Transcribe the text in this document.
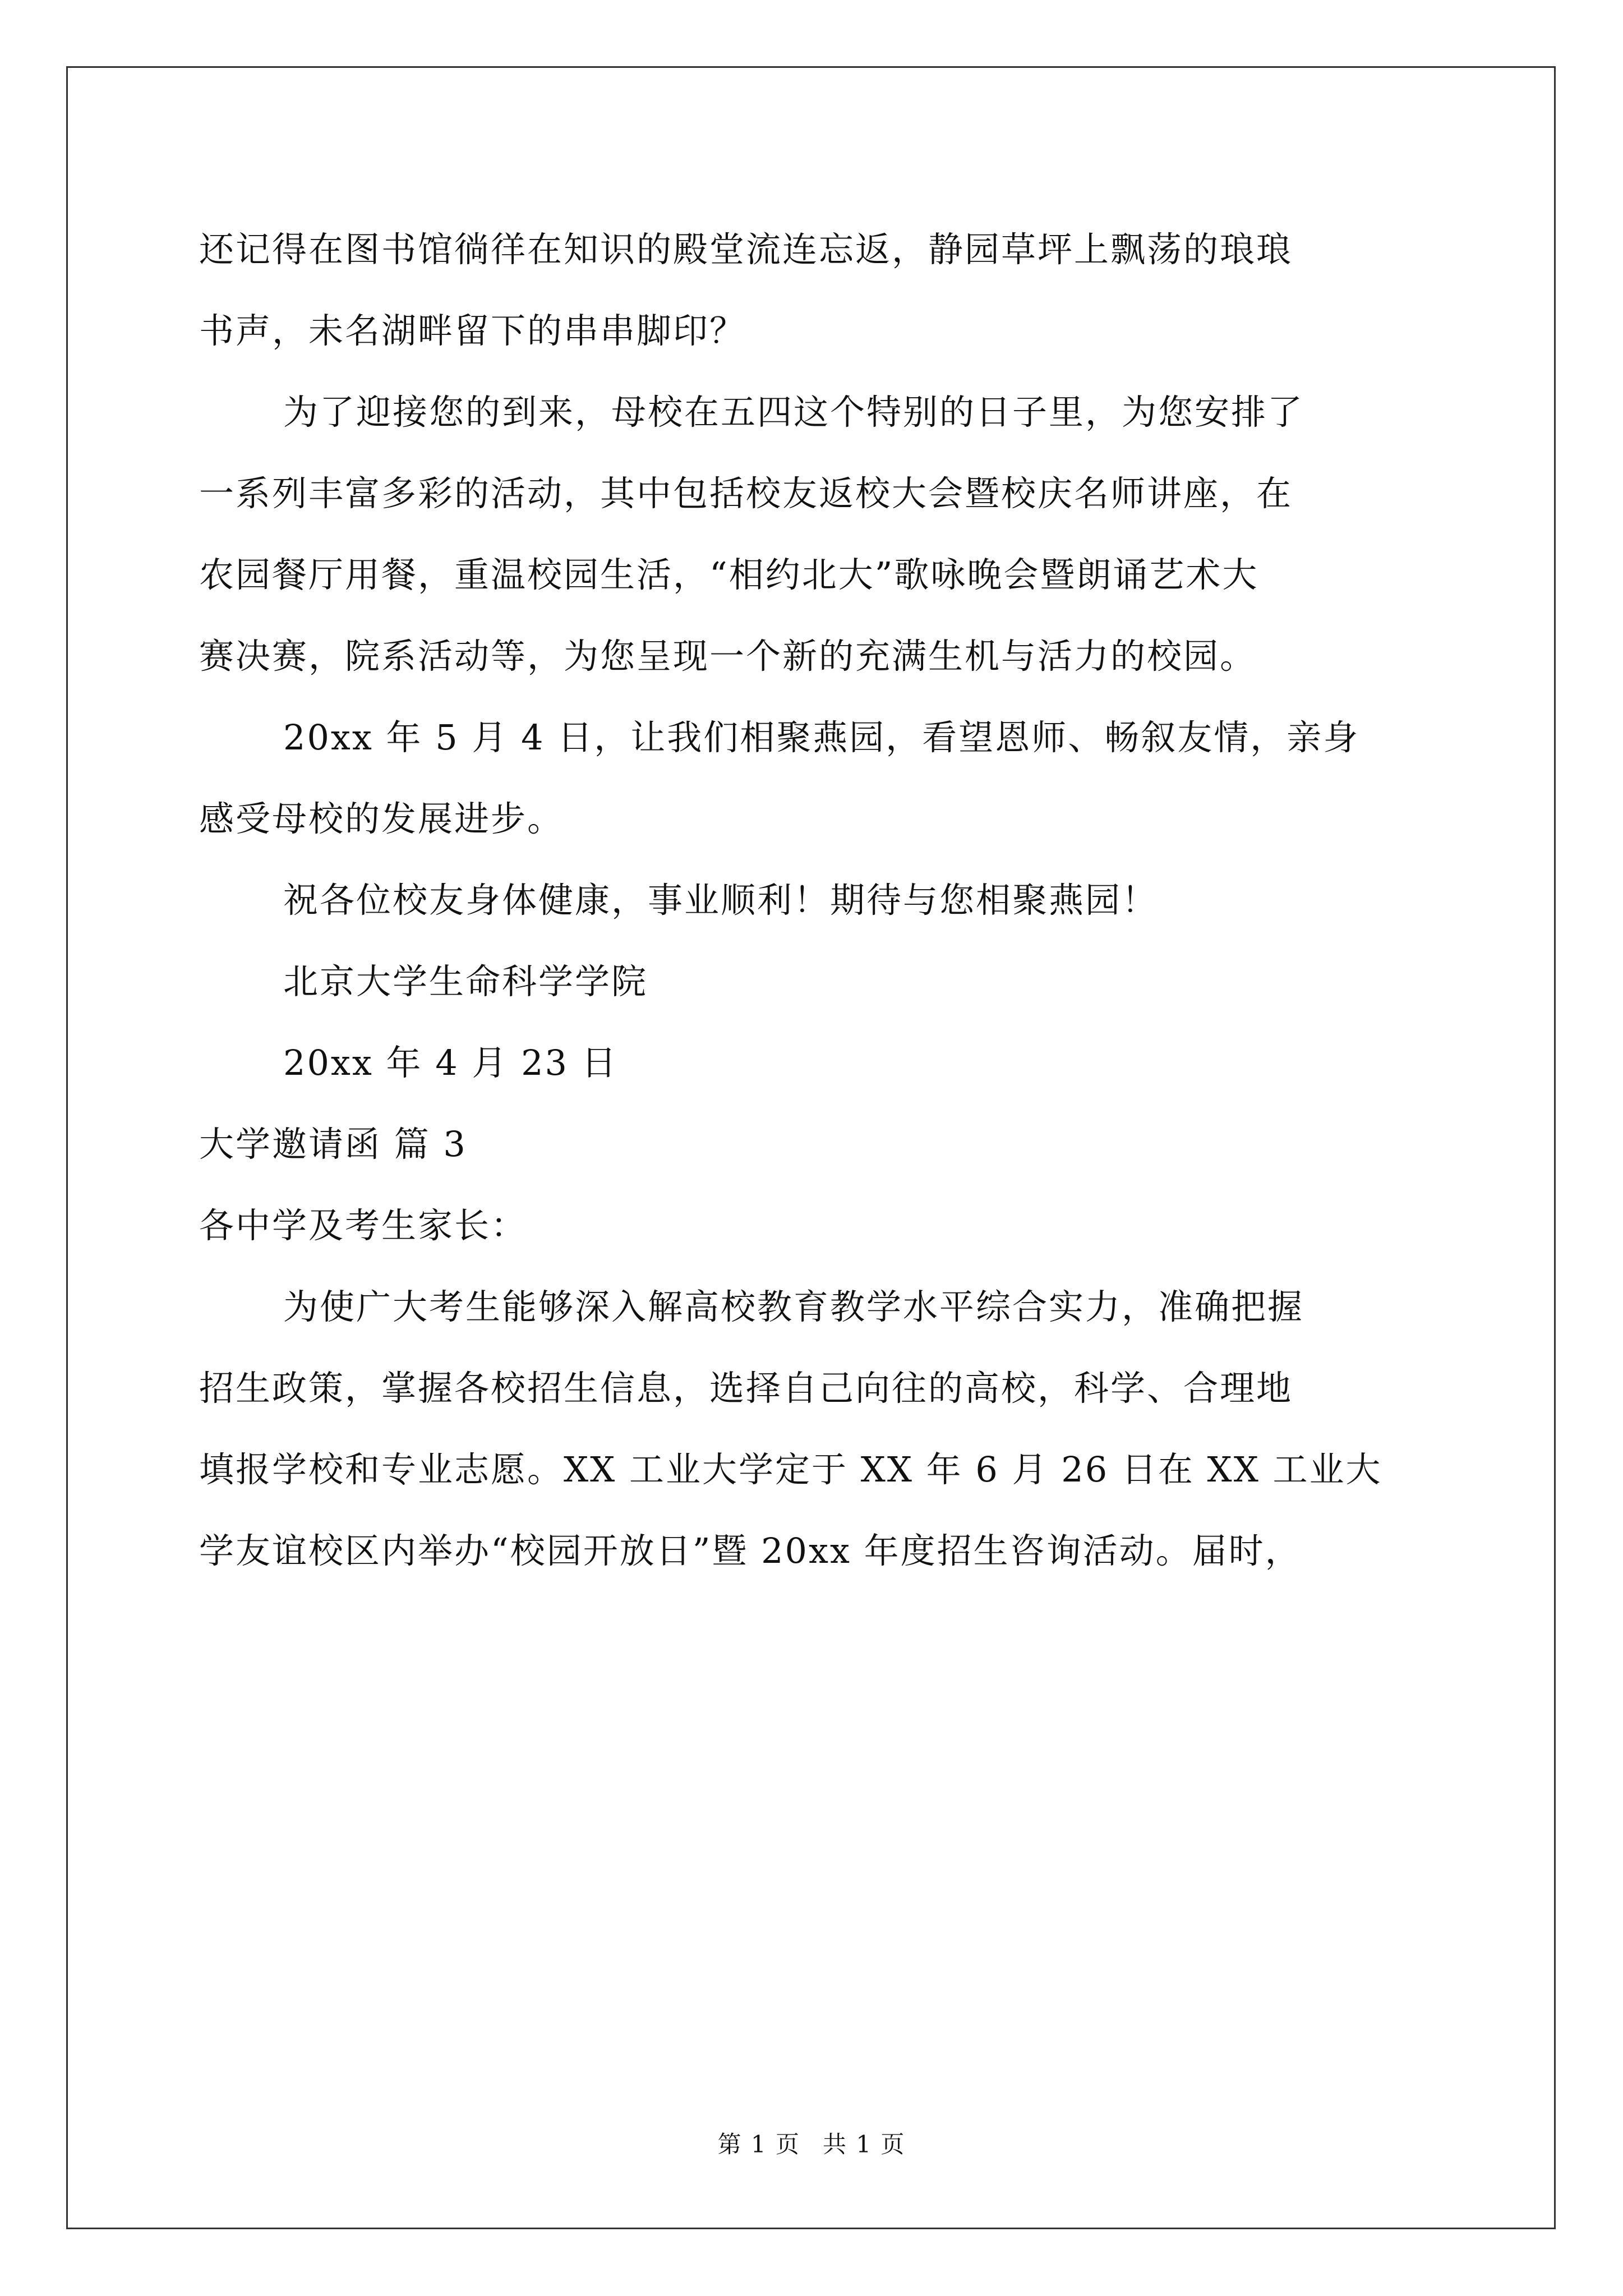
还记得在图书馆徜徉在知识的殿堂流连忘返，静园草坪上飘荡的琅琅
书声，未名湖畔留下的串串脚印？

为了迎接您的到来，母校在五四这个特别的日子里，为您安排了
一系列丰富多彩的活动，其中包括校友返校大会暨校庆名师讲座，在
农园餐厅用餐，重温校园生活，“相约北大”歌咏晚会暨朗诵艺术大
赛决赛，院系活动等，为您呈现一个新的充满生机与活力的校园。

20xx 年 5 月 4 日，让我们相聚燕园，看望恩师、畅叙友情，亲身
感受母校的发展进步。

祝各位校友身体健康，事业顺利！期待与您相聚燕园！

北京大学生命科学学院

20xx 年 4 月 23 日

大学邀请函 篇 3

各中学及考生家长：

为使广大考生能够深入解高校教育教学水平综合实力，准确把握
招生政策，掌握各校招生信息，选择自己向往的高校，科学、合理地
填报学校和专业志愿。XX 工业大学定于 XX 年 6 月 26 日在 XX 工业大
学友谊校区内举办“校园开放日”暨 20xx 年度招生咨询活动。届时，

第 1 页 共 1 页
